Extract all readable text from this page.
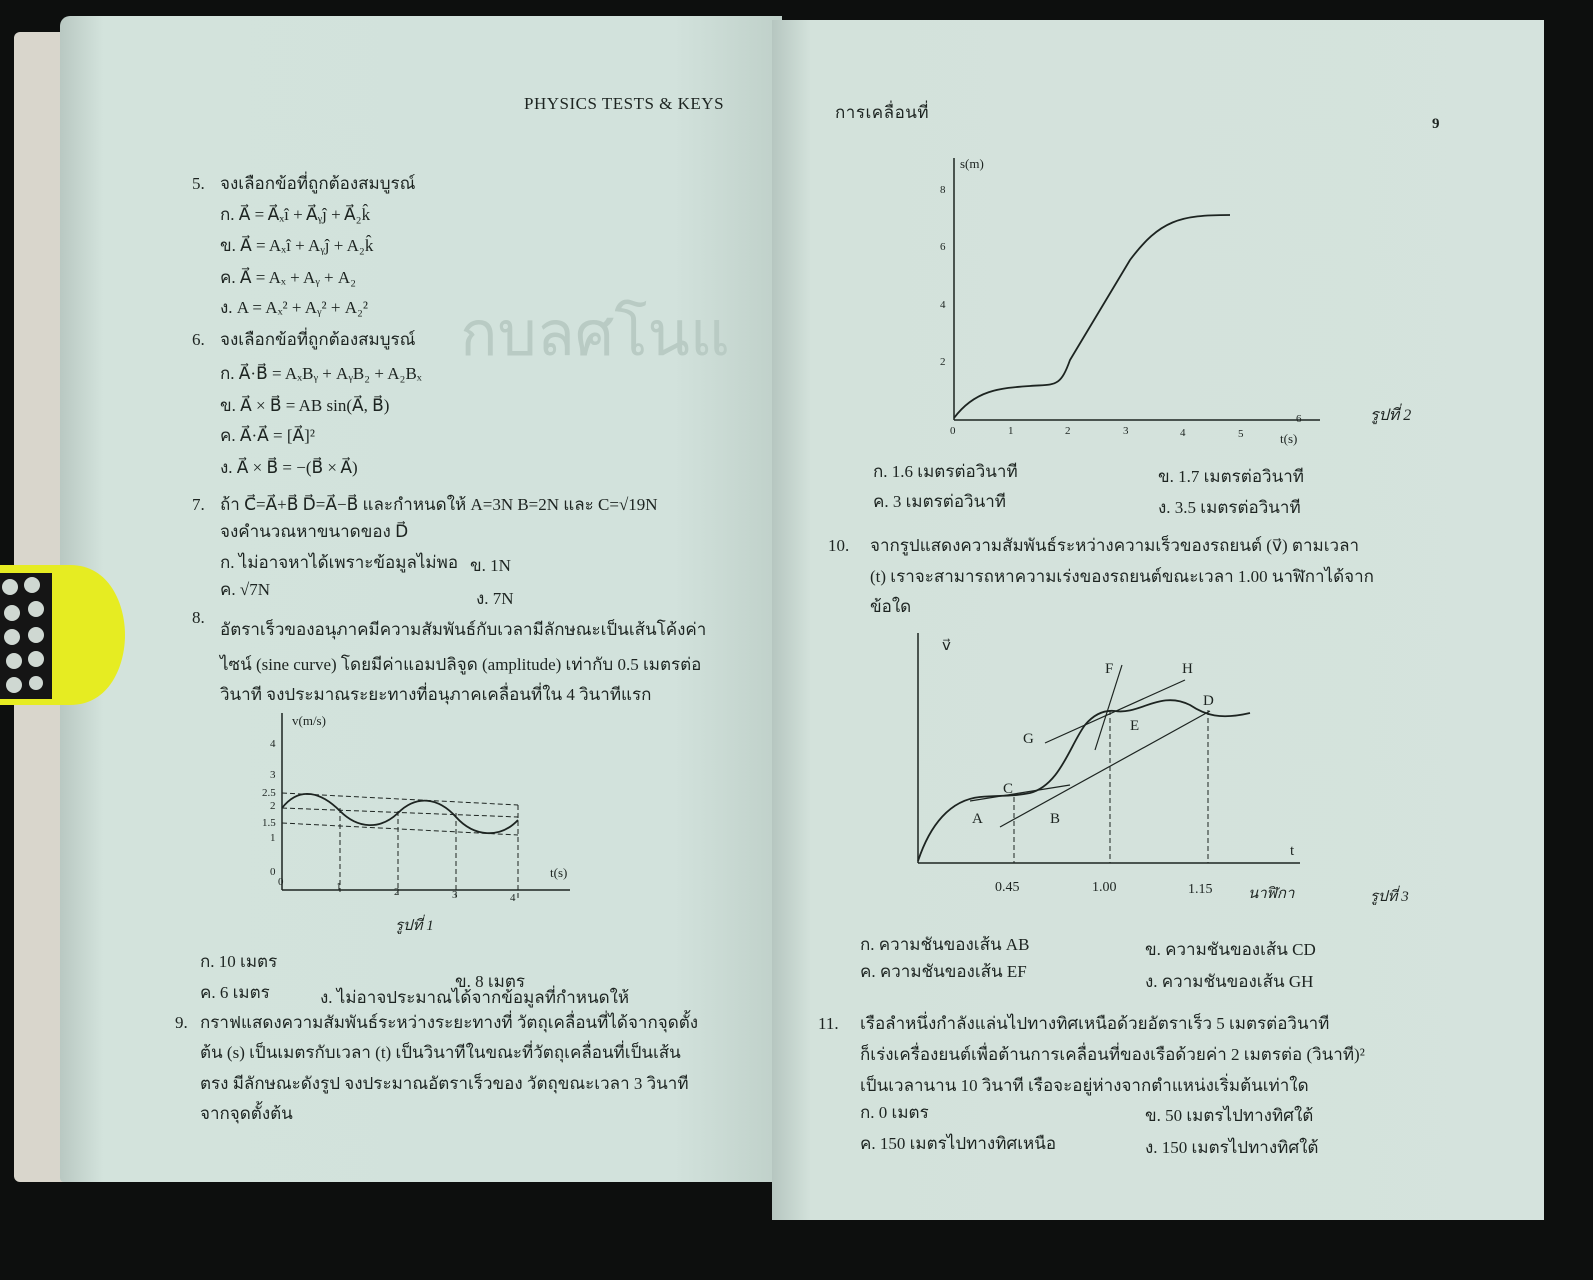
กบลศโนแ
PHYSICS TESTS & KEYS
5. จงเลือกข้อที่ถูกต้องสมบูรณ์
ก. A⃗ = A⃗ₓî + A⃗ᵧĵ + A⃗₂k̂
ข. A⃗ = Aₓî + Aᵧĵ + A₂k̂
ค. A⃗ = Aₓ + Aᵧ + A₂
ง. A = Aₓ² + Aᵧ² + A₂²
6. จงเลือกข้อที่ถูกต้องสมบูรณ์
ก. A⃗·B⃗ = AₓBᵧ + AᵧB₂ + A₂Bₓ
ข. A⃗ × B⃗ = AB sin(A⃗, B⃗)
ค. A⃗·A⃗ = [A⃗]²
ง. A⃗ × B⃗ = −(B⃗ × A⃗)
7. ถ้า C⃗=A⃗+B⃗ D⃗=A⃗−B⃗ และกำหนดให้ A=3N B=2N และ C=√19N
จงคำนวณหาขนาดของ D⃗
ก. ไม่อาจหาได้เพราะข้อมูลไม่พอ ข. 1N
ค. √7N	ง. 7N
8.
อัตราเร็วของอนุภาคมีความสัมพันธ์กับเวลามีลักษณะเป็นเส้นโค้งค่า
ไซน์ (sine curve) โดยมีค่าแอมปลิจูด (amplitude) เท่ากับ 0.5 เมตรต่อ
วินาที จงประมาณระยะทางที่อนุภาคเคลื่อนที่ใน 4 วินาทีแรก
v(m/s)
t(s)
4
3
2.5
2
1.5
1
0
0	1	2	3	4
รูปที่ 1
ก. 10 เมตร
ข. 8 เมตร
ค. 6 เมตร	ง. ไม่อาจประมาณได้จากข้อมูลที่กำหนดให้
9. กราฟแสดงความสัมพันธ์ระหว่างระยะทางที่ วัตถุเคลื่อนที่ได้จากจุดตั้ง
ต้น (s) เป็นเมตรกับเวลา (t) เป็นวินาทีในขณะที่วัตถุเคลื่อนที่เป็นเส้น
ตรง มีลักษณะดังรูป จงประมาณอัตราเร็วของ วัตถุขณะเวลา 3 วินาที
จากจุดตั้งต้น
การเคลื่อนที่
9
s(m)
t(s)
8
6
4
2
0	1	2	3	4	5
6	รูปที่ 2
ก. 1.6 เมตรต่อวินาที	ข. 1.7 เมตรต่อวินาที
ค. 3 เมตรต่อวินาที	ง. 3.5 เมตรต่อวินาที
10. จากรูปแสดงความสัมพันธ์ระหว่างความเร็วของรถยนต์ (v⃗) ตามเวลา
(t) เราจะสามารถหาความเร่งของรถยนต์ขณะเวลา 1.00 นาฬิกาได้จาก
ข้อใด
v⃗
t
A	B
C
D
E
F
G
H
0.45	1.00	1.15 นาฬิกา	รูปที่ 3
ก. ความชันของเส้น AB	ข. ความชันของเส้น CD
ค. ความชันของเส้น EF
ง. ความชันของเส้น GH
11. เรือลำหนึ่งกำลังแล่นไปทางทิศเหนือด้วยอัตราเร็ว 5 เมตรต่อวินาที
ก็เร่งเครื่องยนต์เพื่อต้านการเคลื่อนที่ของเรือด้วยค่า 2 เมตรต่อ (วินาที)²
เป็นเวลานาน 10 วินาที เรือจะอยู่ห่างจากตำแหน่งเริ่มต้นเท่าใด
ก. 0 เมตร	ข. 50 เมตรไปทางทิศใต้
ค. 150 เมตรไปทางทิศเหนือ	ง. 150 เมตรไปทางทิศใต้
